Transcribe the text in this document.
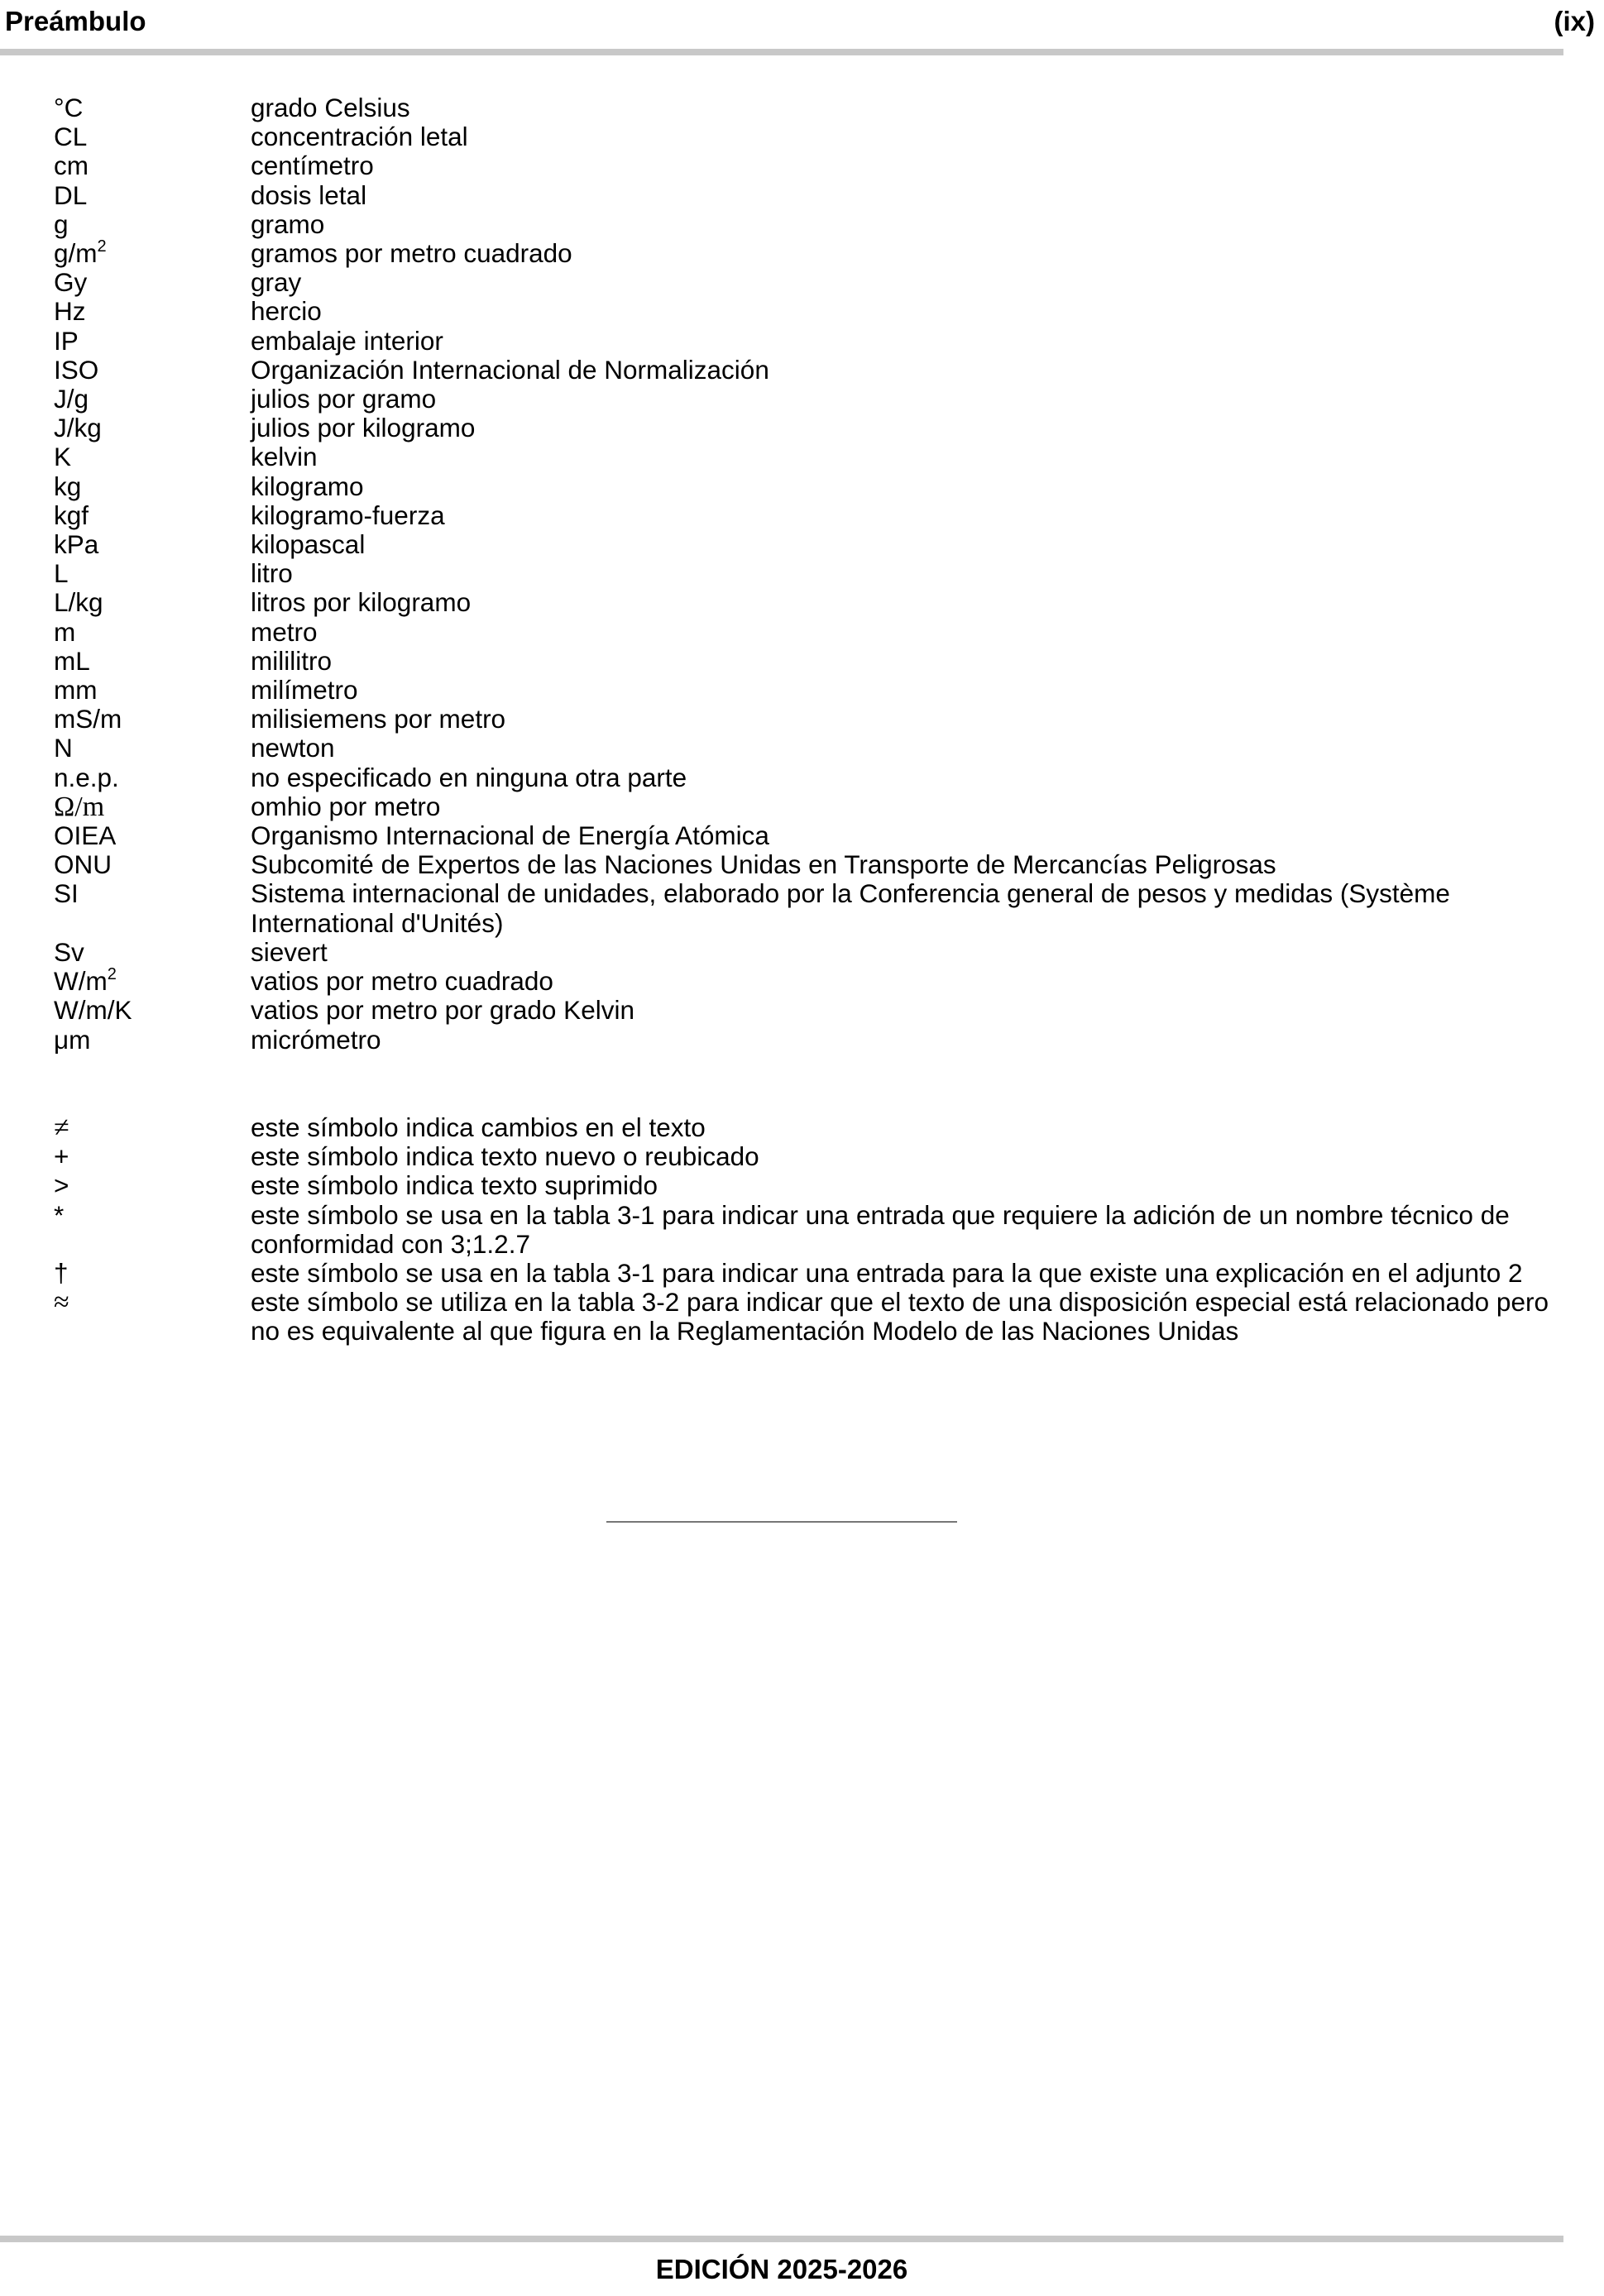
Preámbulo	(ix)
°C	grado Celsius
CL	concentración letal
cm	centímetro
DL	dosis letal
g	gramo
$g/m^2$	gramos por metro cuadrado
Gy	gray
Hz	hercio
IP	embalaje interior
ISO	Organización Internacional de Normalización
J/g	julios por gramo
J/kg	julios por kilogramo
K	kelvin
kg	kilogramo
kgf	kilogramo-fuerza
kPa	kilopascal
L	litro
L/kg	litros por kilogramo
m	metro
mL	mililitro
mm	milímetro
mS/m	milisiemens por metro
N	newton
n.e.p.	no especificado en ninguna otra parte
Ω/m	omhio por metro
OIEA	Organismo Internacional de Energía Atómica
ONU	Subcomité de Expertos de las Naciones Unidas en Transporte de Mercancías Peligrosas
SI	Sistema internacional de unidades, elaborado por la Conferencia general de pesos y medidas (Système International d'Unités)
Sv	sievert
$W/m^2$	vatios por metro cuadrado
W/m/K	vatios por metro por grado Kelvin
μm	micrómetro
≠	este símbolo indica cambios en el texto
+	este símbolo indica texto nuevo o reubicado
>	este símbolo indica texto suprimido
*	este símbolo se usa en la tabla 3-1 para indicar una entrada que requiere la adición de un nombre técnico de conformidad con 3;1.2.7
†	este símbolo se usa en la tabla 3-1 para indicar una entrada para la que existe una explicación en el adjunto 2
≈	este símbolo se utiliza en la tabla 3-2 para indicar que el texto de una disposición especial está relacionado pero no es equivalente al que figura en la Reglamentación Modelo de las Naciones Unidas
EDICIÓN 2025-2026
